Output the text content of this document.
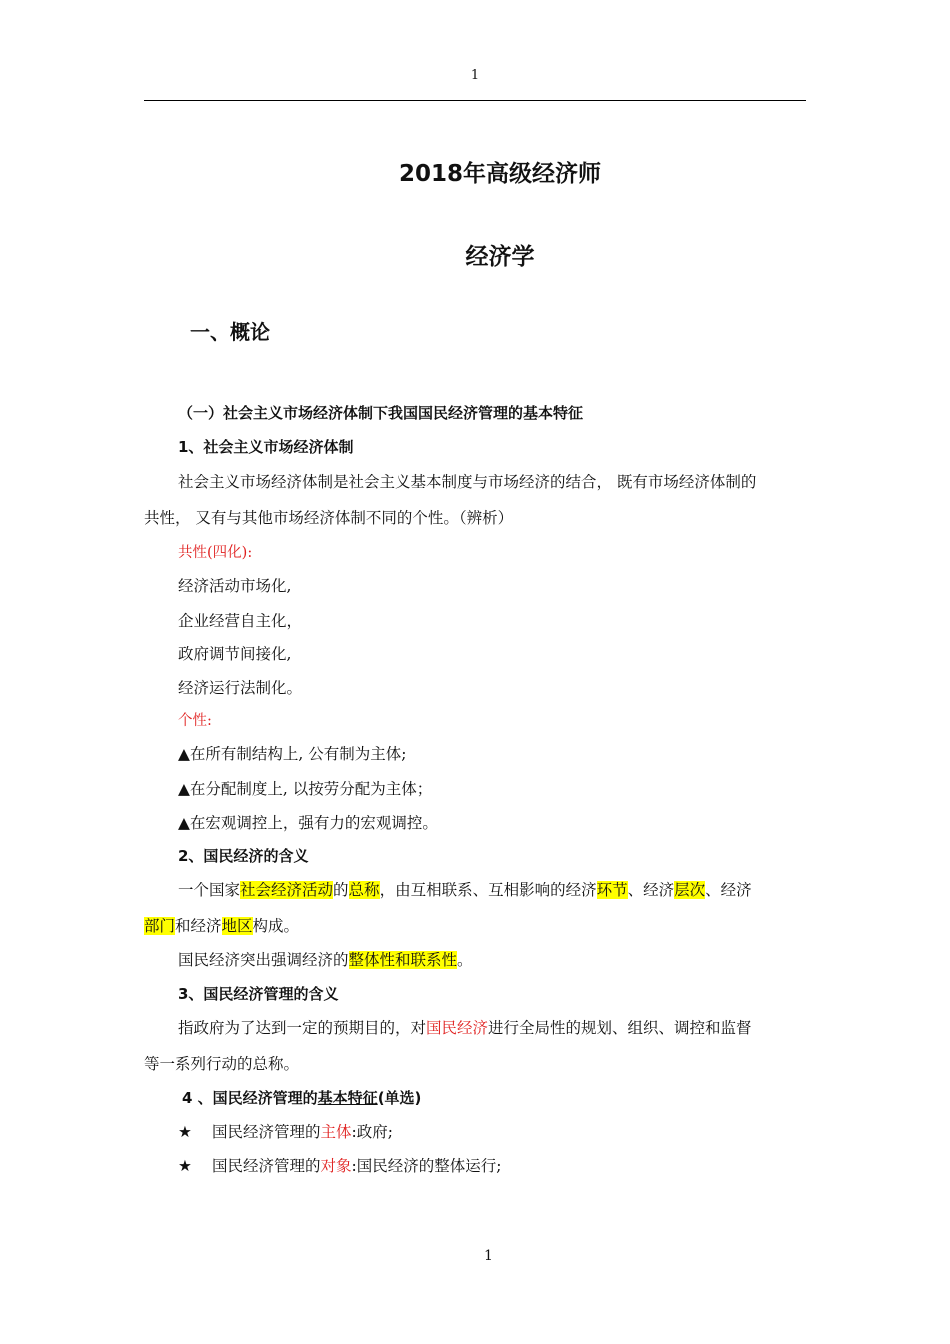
1
2018年高级经济师
经济学
一、概论
（一）社会主义市场经济体制下我国国民经济管理的基本特征
1、社会主义市场经济体制
社会主义市场经济体制是社会主义基本制度与市场经济的结合， 既有市场经济体制的
共性， 又有与其他市场经济体制不同的个性。（辨析）
共性(四化):
经济活动市场化,
企业经营自主化，
政府调节间接化,
经济运行法制化。
个性:
▲在所有制结构上, 公有制为主体;
▲在分配制度上, 以按劳分配为主体；
▲在宏观调控上，强有力的宏观调控。
2、国民经济的含义
一个国家社会经济活动的总称，由互相联系、互相影响的经济环节、经济层次、经济
部门和经济地区构成。
国民经济突出强调经济的整体性和联系性。
3、国民经济管理的含义
指政府为了达到一定的预期目的，对国民经济进行全局性的规划、组织、调控和监督
等一系列行动的总称。
4 、国民经济管理的基本特征(单选)
★ 国民经济管理的主体:政府;
★ 国民经济管理的对象:国民经济的整体运行;
1
